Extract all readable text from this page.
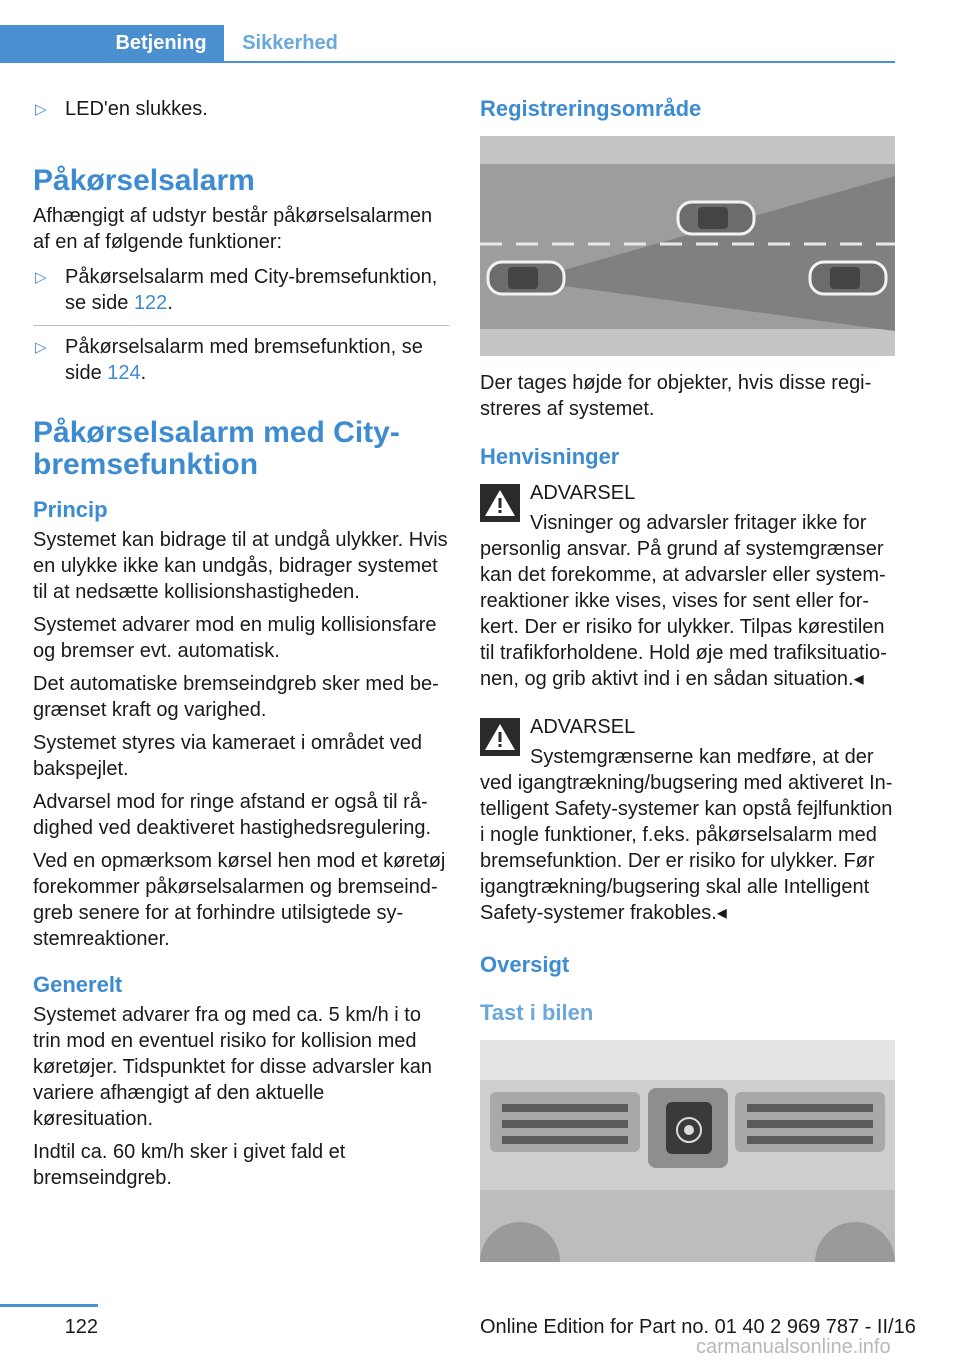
Betjening	Sikkerhed
▷ LED'en slukkes.
Påkørselsalarm

Afhængigt af udstyr består påkørselsalarmen af en af følgende funktioner:

▷ Påkørselsalarm med City-bremsefunktion, se side 122.
▷ Påkørselsalarm med bremsefunktion, se side 124.
Påkørselsalarm med City-
bremsefunktion
Princip

Systemet kan bidrage til at undgå ulykker. Hvis en ulykke ikke kan undgås, bidrager systemet til at nedsætte kollisionshastigheden.

Systemet advarer mod en mulig kollisionsfare og bremser evt. automatisk.

Det automatiske bremseindgreb sker med begrænset kraft og varighed.

Systemet styres via kameraet i området ved bakspejlet.

Advarsel mod for ringe afstand er også til rådighed ved deaktiveret hastighedsregulering.

Ved en opmærksom kørsel hen mod et køretøj forekommer påkørselsalarmen og bremseindgreb senere for at forhindre utilsigtede systemreaktioner.

Generelt

Systemet advarer fra og med ca. 5 km/h i to trin mod en eventuel risiko for kollision med køretøjer. Tidspunktet for disse advarsler kan variere afhængigt af den aktuelle køresituation.

Indtil ca. 60 km/h sker i givet fald et bremseindgreb.

Registreringsområde

Der tages højde for objekter, hvis disse registreres af systemet.

Henvisninger
ADVARSEL

Visninger og advarsler fritager ikke for

personlig ansvar. På grund af systemgrænser kan det forekomme, at advarsler eller systemreaktioner ikke vises, vises for sent eller forkert. Der er risiko for ulykker. Tilpas kørestilen til trafikforholdene. Hold øje med trafiksituationen, og grib aktivt ind i en sådan situation.◂

ADVARSEL

Systemgrænserne kan medføre, at der

ved igangtrækning/bugsering med aktiveret Intelligent Safety-systemer kan opstå fejlfunktion i nogle funktioner, f.eks. påkørselsalarm med bremsefunktion. Der er risiko for ulykker. Før igangtrækning/bugsering skal alle Intelligent Safety-systemer frakobles.◂

Oversigt
Tast i bilen
122	Online Edition for Part no. 01 40 2 969 787 - II/16
carmanualsonline.info
